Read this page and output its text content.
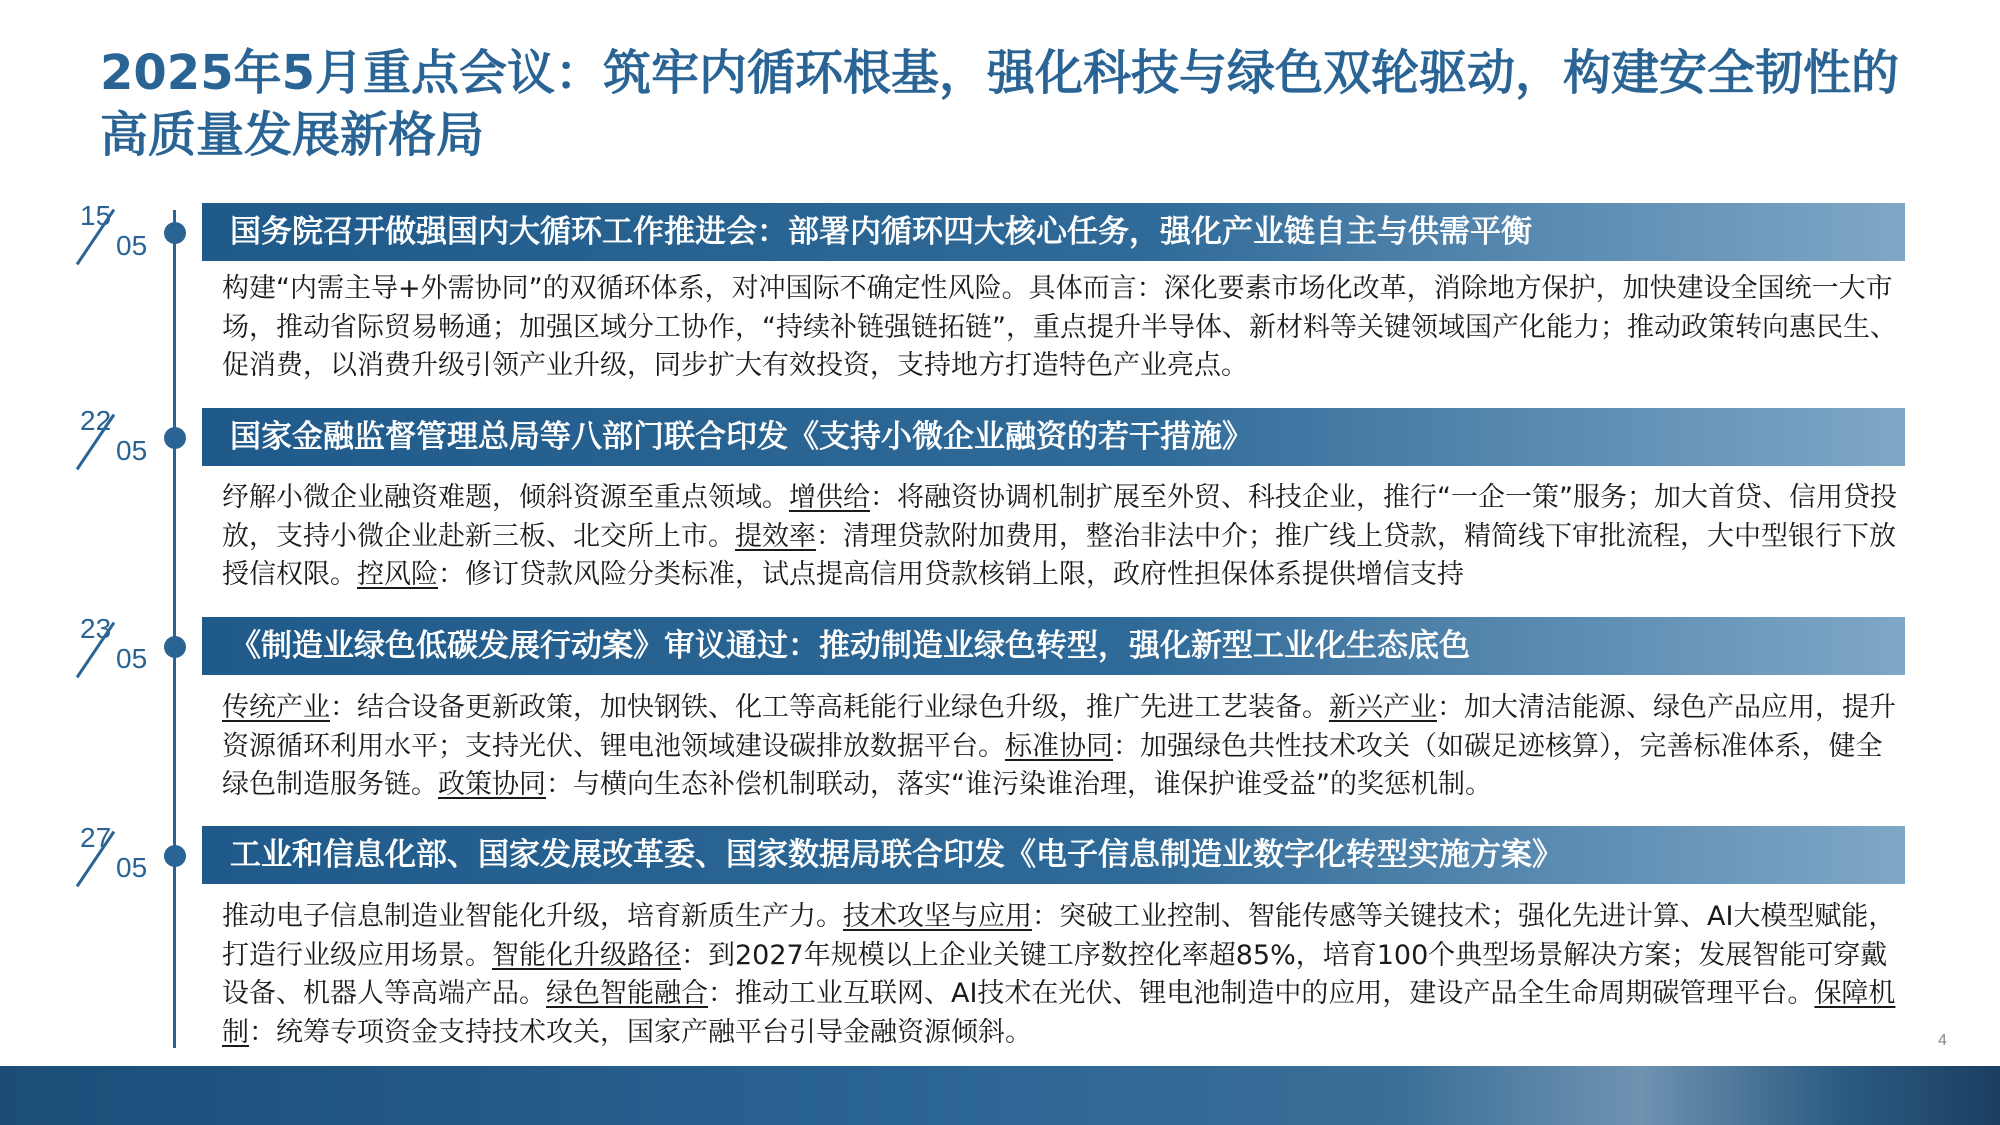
2025年5月重点会议：筑牢内循环根基，强化科技与绿色双轮驱动，构建安全韧性的高质量发展新格局
15
05	国务院召开做强国内大循环工作推进会：部署内循环四大核心任务，强化产业链自主与供需平衡
构建“内需主导+外需协同”的双循环体系，对冲国际不确定性风险。具体而言：深化要素市场化改革，消除地方保护，加快建设全国统一大市场，推动省际贸易畅通；加强区域分工协作，“持续补链强链拓链”，重点提升半导体、新材料等关键领域国产化能力；推动政策转向惠民生、促消费，以消费升级引领产业升级，同步扩大有效投资，支持地方打造特色产业亮点。
22
05	国家金融监督管理总局等八部门联合印发《支持小微企业融资的若干措施》
纾解小微企业融资难题，倾斜资源至重点领域。增供给：将融资协调机制扩展至外贸、科技企业，推行“一企一策”服务；加大首贷、信用贷投放，支持小微企业赴新三板、北交所上市。提效率：清理贷款附加费用，整治非法中介；推广线上贷款，精简线下审批流程，大中型银行下放授信权限。控风险：修订贷款风险分类标准，试点提高信用贷款核销上限，政府性担保体系提供增信支持
23
05	《制造业绿色低碳发展行动案》审议通过：推动制造业绿色转型，强化新型工业化生态底色
传统产业：结合设备更新政策，加快钢铁、化工等高耗能行业绿色升级，推广先进工艺装备。新兴产业：加大清洁能源、绿色产品应用，提升资源循环利用水平；支持光伏、锂电池领域建设碳排放数据平台。标准协同：加强绿色共性技术攻关（如碳足迹核算），完善标准体系，健全绿色制造服务链。政策协同：与横向生态补偿机制联动，落实“谁污染谁治理，谁保护谁受益”的奖惩机制。
27
05	工业和信息化部、国家发展改革委、国家数据局联合印发《电子信息制造业数字化转型实施方案》
推动电子信息制造业智能化升级，培育新质生产力。技术攻坚与应用：突破工业控制、智能传感等关键技术；强化先进计算、AI大模型赋能，打造行业级应用场景。智能化升级路径：到2027年规模以上企业关键工序数控化率超85%，培育100个典型场景解决方案；发展智能可穿戴设备、机器人等高端产品。绿色智能融合：推动工业互联网、AI技术在光伏、锂电池制造中的应用，建设产品全生命周期碳管理平台。保障机制：统筹专项资金支持技术攻关，国家产融平台引导金融资源倾斜。	4
